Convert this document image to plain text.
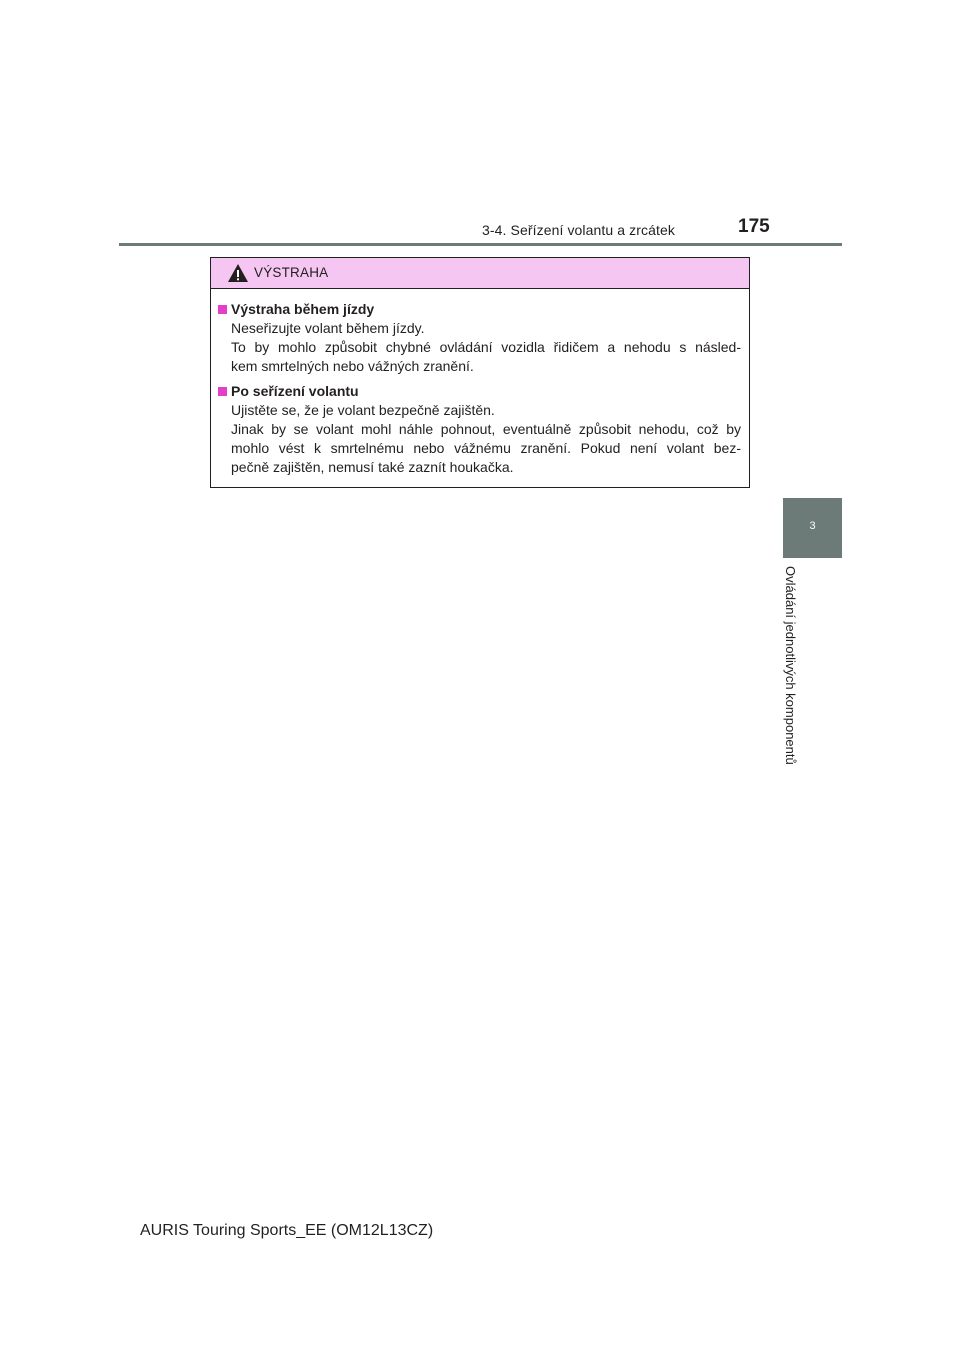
3-4. Seřízení volantu a zrcátek	175
3
Ovládání jednotlivých komponentů
VÝSTRAHA
Výstraha během jízdy
Neseřizujte volant během jízdy.
To by mohlo způsobit chybné ovládání vozidla řidičem a nehodu s násled-
kem smrtelných nebo vážných zranění.
Po seřízení volantu
Ujistěte se, že je volant bezpečně zajištěn.
Jinak by se volant mohl náhle pohnout, eventuálně způsobit nehodu, což by
mohlo vést k smrtelnému nebo vážnému zranění. Pokud není volant bez-
pečně zajištěn, nemusí také zaznít houkačka.
AURIS Touring Sports_EE (OM12L13CZ)
